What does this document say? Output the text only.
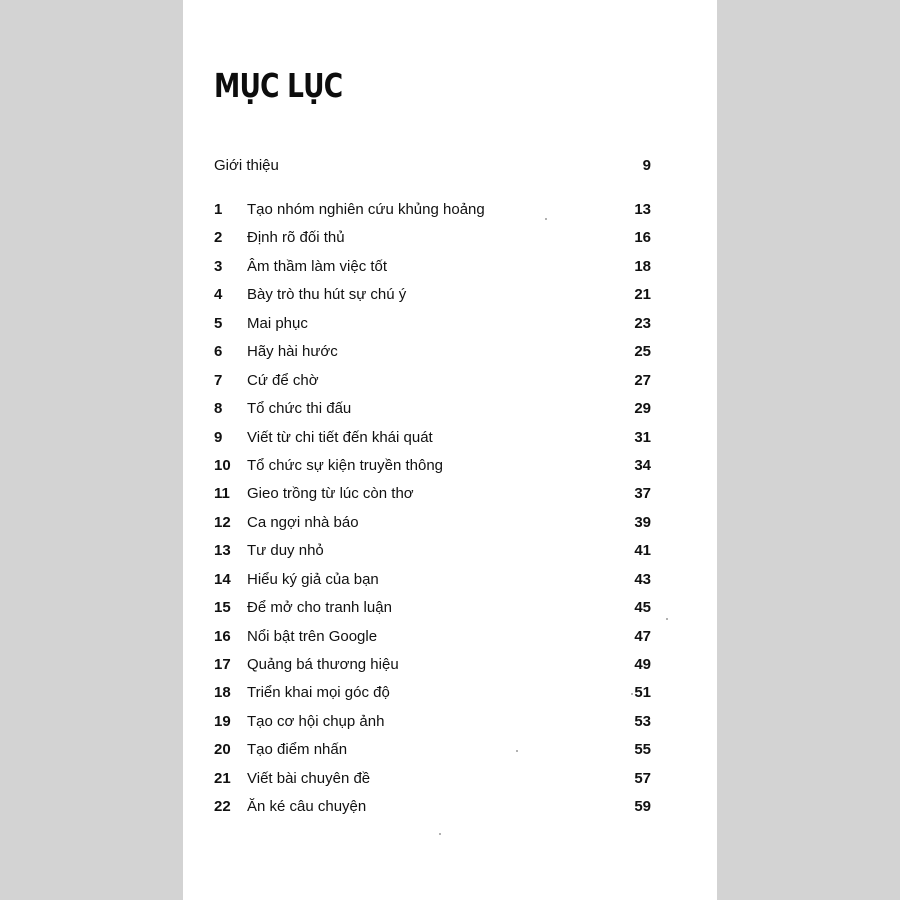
MỤC LỤC
Giới thiệu	9
1	Tạo nhóm nghiên cứu khủng hoảng	13
2	Định rõ đối thủ	16
3	Âm thầm làm việc tốt	18
4	Bày trò thu hút sự chú ý	21
5	Mai phục	23
6	Hãy hài hước	25
7	Cứ để chờ	27
8	Tổ chức thi đấu	29
9	Viết từ chi tiết đến khái quát	31
10	Tổ chức sự kiện truyền thông	34
11	Gieo trồng từ lúc còn thơ	37
12	Ca ngợi nhà báo	39
13	Tư duy nhỏ	41
14	Hiểu ký giả của bạn	43
15	Để mở cho tranh luận	45
16	Nổi bật trên Google	47
17	Quảng bá thương hiệu	49
18	Triển khai mọi góc độ	51
19	Tạo cơ hội chụp ảnh	53
20	Tạo điểm nhấn	55
21	Viết bài chuyên đề	57
22	Ăn ké câu chuyện	59
